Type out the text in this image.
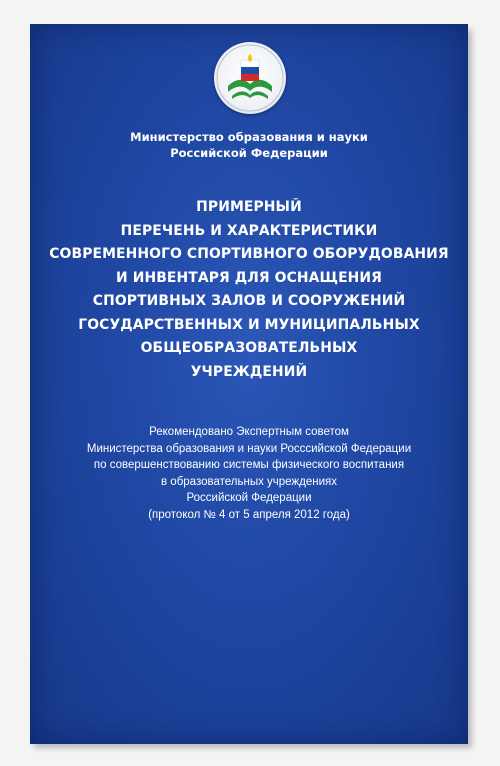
Министерство образования и науки
Российской Федерации
ПРИМЕРНЫЙ
ПЕРЕЧЕНЬ И ХАРАКТЕРИСТИКИ
СОВРЕМЕННОГО СПОРТИВНОГО ОБОРУДОВАНИЯ
И ИНВЕНТАРЯ ДЛЯ ОСНАЩЕНИЯ
СПОРТИВНЫХ ЗАЛОВ И СООРУЖЕНИЙ
ГОСУДАРСТВЕННЫХ И МУНИЦИПАЛЬНЫХ
ОБЩЕОБРАЗОВАТЕЛЬНЫХ
УЧРЕЖДЕНИЙ
Рекомендовано Экспертным советом
Министерства образования и науки Росссийской Федерации
по совершенствованию системы физического воспитания
в образовательных учреждениях
Российской Федерации
(протокол № 4 от 5 апреля 2012 года)
